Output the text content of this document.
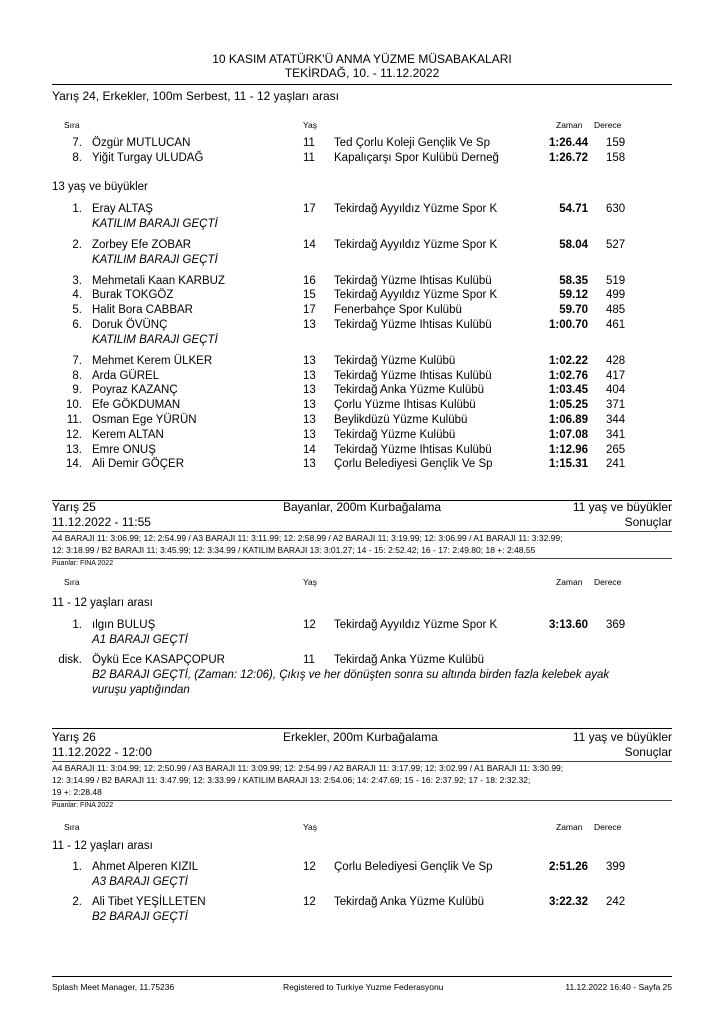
10 KASIM ATATÜRK'Ü ANMA YÜZME MÜSABAKALARI
TEKİRDAĞ, 10. - 11.12.2022
Yarış 24, Erkekler, 100m Serbest, 11 - 12 yaşları arası
Sıra	Yaş	Zaman Derece
7. Özgür MUTLUCAN	11 Ted Çorlu Koleji Gençlik Ve Sp	1:26.44 159
8. Yiğit Turgay ULUDAĞ	11 Kapalıçarşı Spor Kulübü Derneğ	1:26.72 158
13 yaş ve büyükler
1. Eray ALTAŞ	17 Tekirdağ Ayyıldız Yüzme Spor K	54.71 630
KATILIM BARAJI GEÇTİ
2. Zorbey Efe ZOBAR	14 Tekirdağ Ayyıldız Yüzme Spor K	58.04 527
KATILIM BARAJI GEÇTİ
3. Mehmetali Kaan KARBUZ	16 Tekirdağ Yüzme Ihtisas Kulübü	58.35 519
4. Burak TOKGÖZ	15 Tekirdağ Ayyıldız Yüzme Spor K	59.12 499
5. Halit Bora CABBAR	17 Fenerbahçe Spor Kulübü	59.70 485
6. Doruk ÖVÜNÇ	13 Tekirdağ Yüzme Ihtisas Kulübü	1:00.70 461
KATILIM BARAJI GEÇTİ
7. Mehmet Kerem ÜLKER	13 Tekirdağ Yüzme Kulübü	1:02.22 428
8. Arda GÜREL	13 Tekirdağ Yüzme Ihtisas Kulübü	1:02.76 417
9. Poyraz KAZANÇ	13 Tekirdağ Anka Yüzme Kulübü	1:03.45 404
10. Efe GÖKDUMAN	13 Çorlu Yüzme Ihtisas Kulübü	1:05.25 371
11. Osman Ege YÜRÜN	13 Beylikdüzü Yüzme Kulübü	1:06.89 344
12. Kerem ALTAN	13 Tekirdağ Yüzme Kulübü	1:07.08 341
13. Emre ONUŞ	14 Tekirdağ Yüzme Ihtisas Kulübü	1:12.96 265
14. Ali Demir GÖÇER	13 Çorlu Belediyesi Gençlik Ve Sp	1:15.31 241
Yarış 25	Bayanlar, 200m Kurbağalama	11 yaş ve büyükler
11.12.2022 - 11:55	Sonuçlar
A4 BARAJI 11: 3:06.99; 12: 2:54.99 / A3 BARAJI 11: 3:11.99; 12: 2:58.99 / A2 BARAJI 11: 3:19.99; 12: 3:06.99 / A1 BARAJI 11: 3:32.99;
12: 3:18.99 / B2 BARAJI 11: 3:45.99; 12: 3:34.99 / KATILIM BARAJI 13: 3:01.27; 14 - 15: 2:52.42; 16 - 17: 2:49.80; 18 +: 2:48.55
Puanlar: FINA 2022
Sıra	Yaş	Zaman Derece
11 - 12 yaşları arası
1. ılgın BULUŞ	12 Tekirdağ Ayyıldız Yüzme Spor K	3:13.60 369
A1 BARAJI GEÇTİ
disk. Öykü Ece KASAPÇOPUR	11 Tekirdağ Anka Yüzme Kulübü
B2 BARAJI GEÇTİ, (Zaman: 12:06), Çıkış ve her dönüşten sonra su altında birden fazla kelebek ayak
vuruşu yaptığından
Yarış 26	Erkekler, 200m Kurbağalama	11 yaş ve büyükler
11.12.2022 - 12:00	Sonuçlar
A4 BARAJI 11: 3:04.99; 12: 2:50.99 / A3 BARAJI 11: 3:09.99; 12: 2:54.99 / A2 BARAJI 11: 3:17.99; 12: 3:02.99 / A1 BARAJI 11: 3:30.99;
12: 3:14.99 / B2 BARAJI 11: 3:47.99; 12: 3:33.99 / KATILIM BARAJI 13: 2:54.06; 14: 2:47.69; 15 - 16: 2:37.92; 17 - 18: 2:32.32;
19 +: 2:28.48
Puanlar: FINA 2022
Sıra	Yaş	Zaman Derece
11 - 12 yaşları arası
1. Ahmet Alperen KIZIL	12 Çorlu Belediyesi Gençlik Ve Sp	2:51.26 399
A3 BARAJI GEÇTİ
2. Ali Tibet YEŞİLLETEN	12 Tekirdağ Anka Yüzme Kulübü	3:22.32 242
B2 BARAJI GEÇTİ
Splash Meet Manager, 11.75236	Registered to Turkiye Yuzme Federasyonu	11.12.2022 16:40 - Sayfa 25
